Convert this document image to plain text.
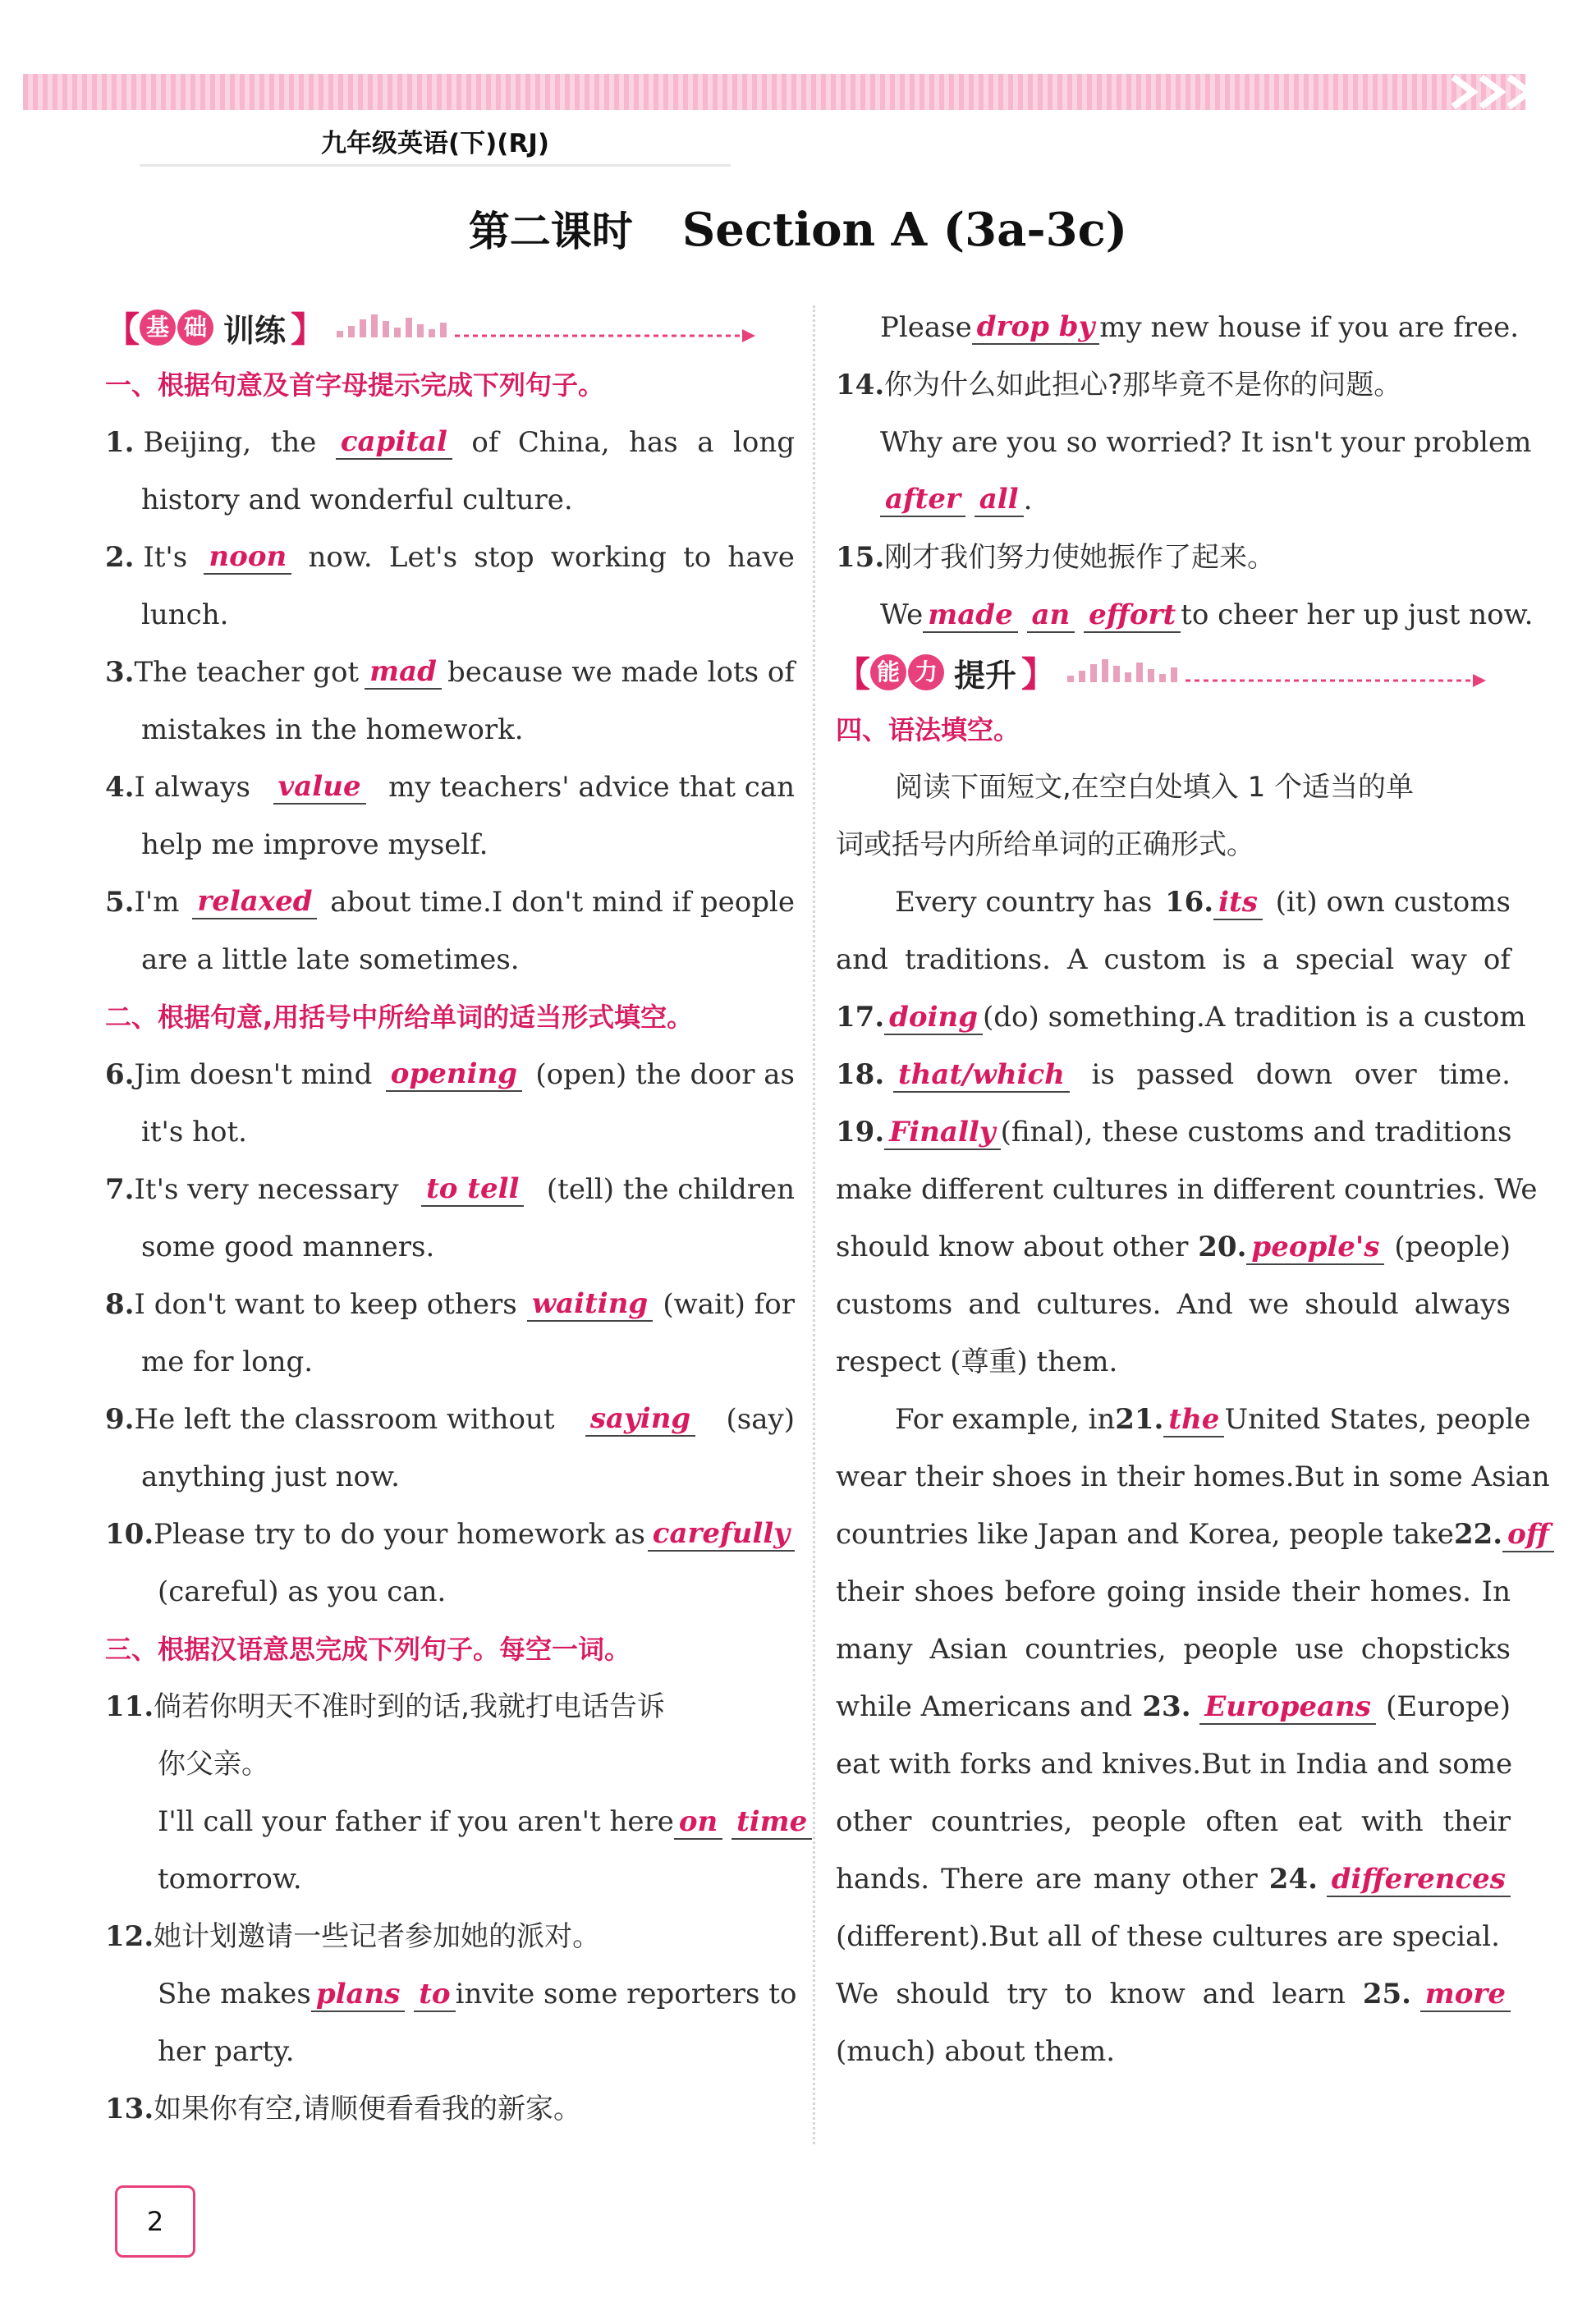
九年级英语(下)(RJ)
第二课时 Section A (3a-3c)
【 基 础 训练 】
一、根据句意及首字母提示完成下列句子。
1. Beijing, the capital of China, has a long
history and wonderful culture.
2. It's noon now. Let's stop working to have
lunch.
3.The teacher got mad because we made lots of
mistakes in the homework.
4.I always value my teachers' advice that can
help me improve myself.
5.I'm relaxed about time.I don't mind if people
are a little late sometimes.
二、根据句意,用括号中所给单词的适当形式填空。
6.Jim doesn't mind opening (open) the door as
it's hot.
7.It's very necessary to tell (tell) the children
some good manners.
8.I don't want to keep others waiting (wait) for
me for long.
9.He left the classroom without saying (say)
anything just now.
10.Please try to do your homework as carefully
(careful) as you can.
三、根据汉语意思完成下列句子。每空一词。
11. 倘若你明天不准时到的话,我就打电话告诉
你父亲。
I'll call your father if you aren't here on time
tomorrow.
12. 她计划邀请一些记者参加她的派对。
She makes plans to invite some reporters to
her party.
13. 如果你有空,请顺便看看我的新家。
Please drop by my new house if you are free.
14. 你为什么如此担心?那毕竟不是你的问题。
Why are you so worried? It isn't your problem
after
all .
15. 刚才我们努力使她振作了起来。
We made an effort to cheer her up just now.
【 能 力 提升 】
四、语法填空。
阅读下面短文,在空白处填入 1 个适当的单
词或括号内所给单词的正确形式。
Every country has 16. its (it) own customs
and traditions. A custom is a special way of
17. doing (do) something.A tradition is a custom
18. that/which is passed down over time.
19. Finally (final), these customs and traditions
make different cultures in different countries. We
should know about other 20. people's (people)
customs and cultures. And we should always
respect (尊重) them.
For example, in 21. the United States, people
wear their shoes in their homes.But in some Asian
countries like Japan and Korea, people take 22. off
their shoes before going inside their homes. In
many Asian countries, people use chopsticks
while Americans and 23. Europeans (Europe)
eat with forks and knives.But in India and some
other countries, people often eat with their
hands. There are many other 24. differences
(different).But all of these cultures are special.
We should try to know and learn 25. more
(much) about them.
2
